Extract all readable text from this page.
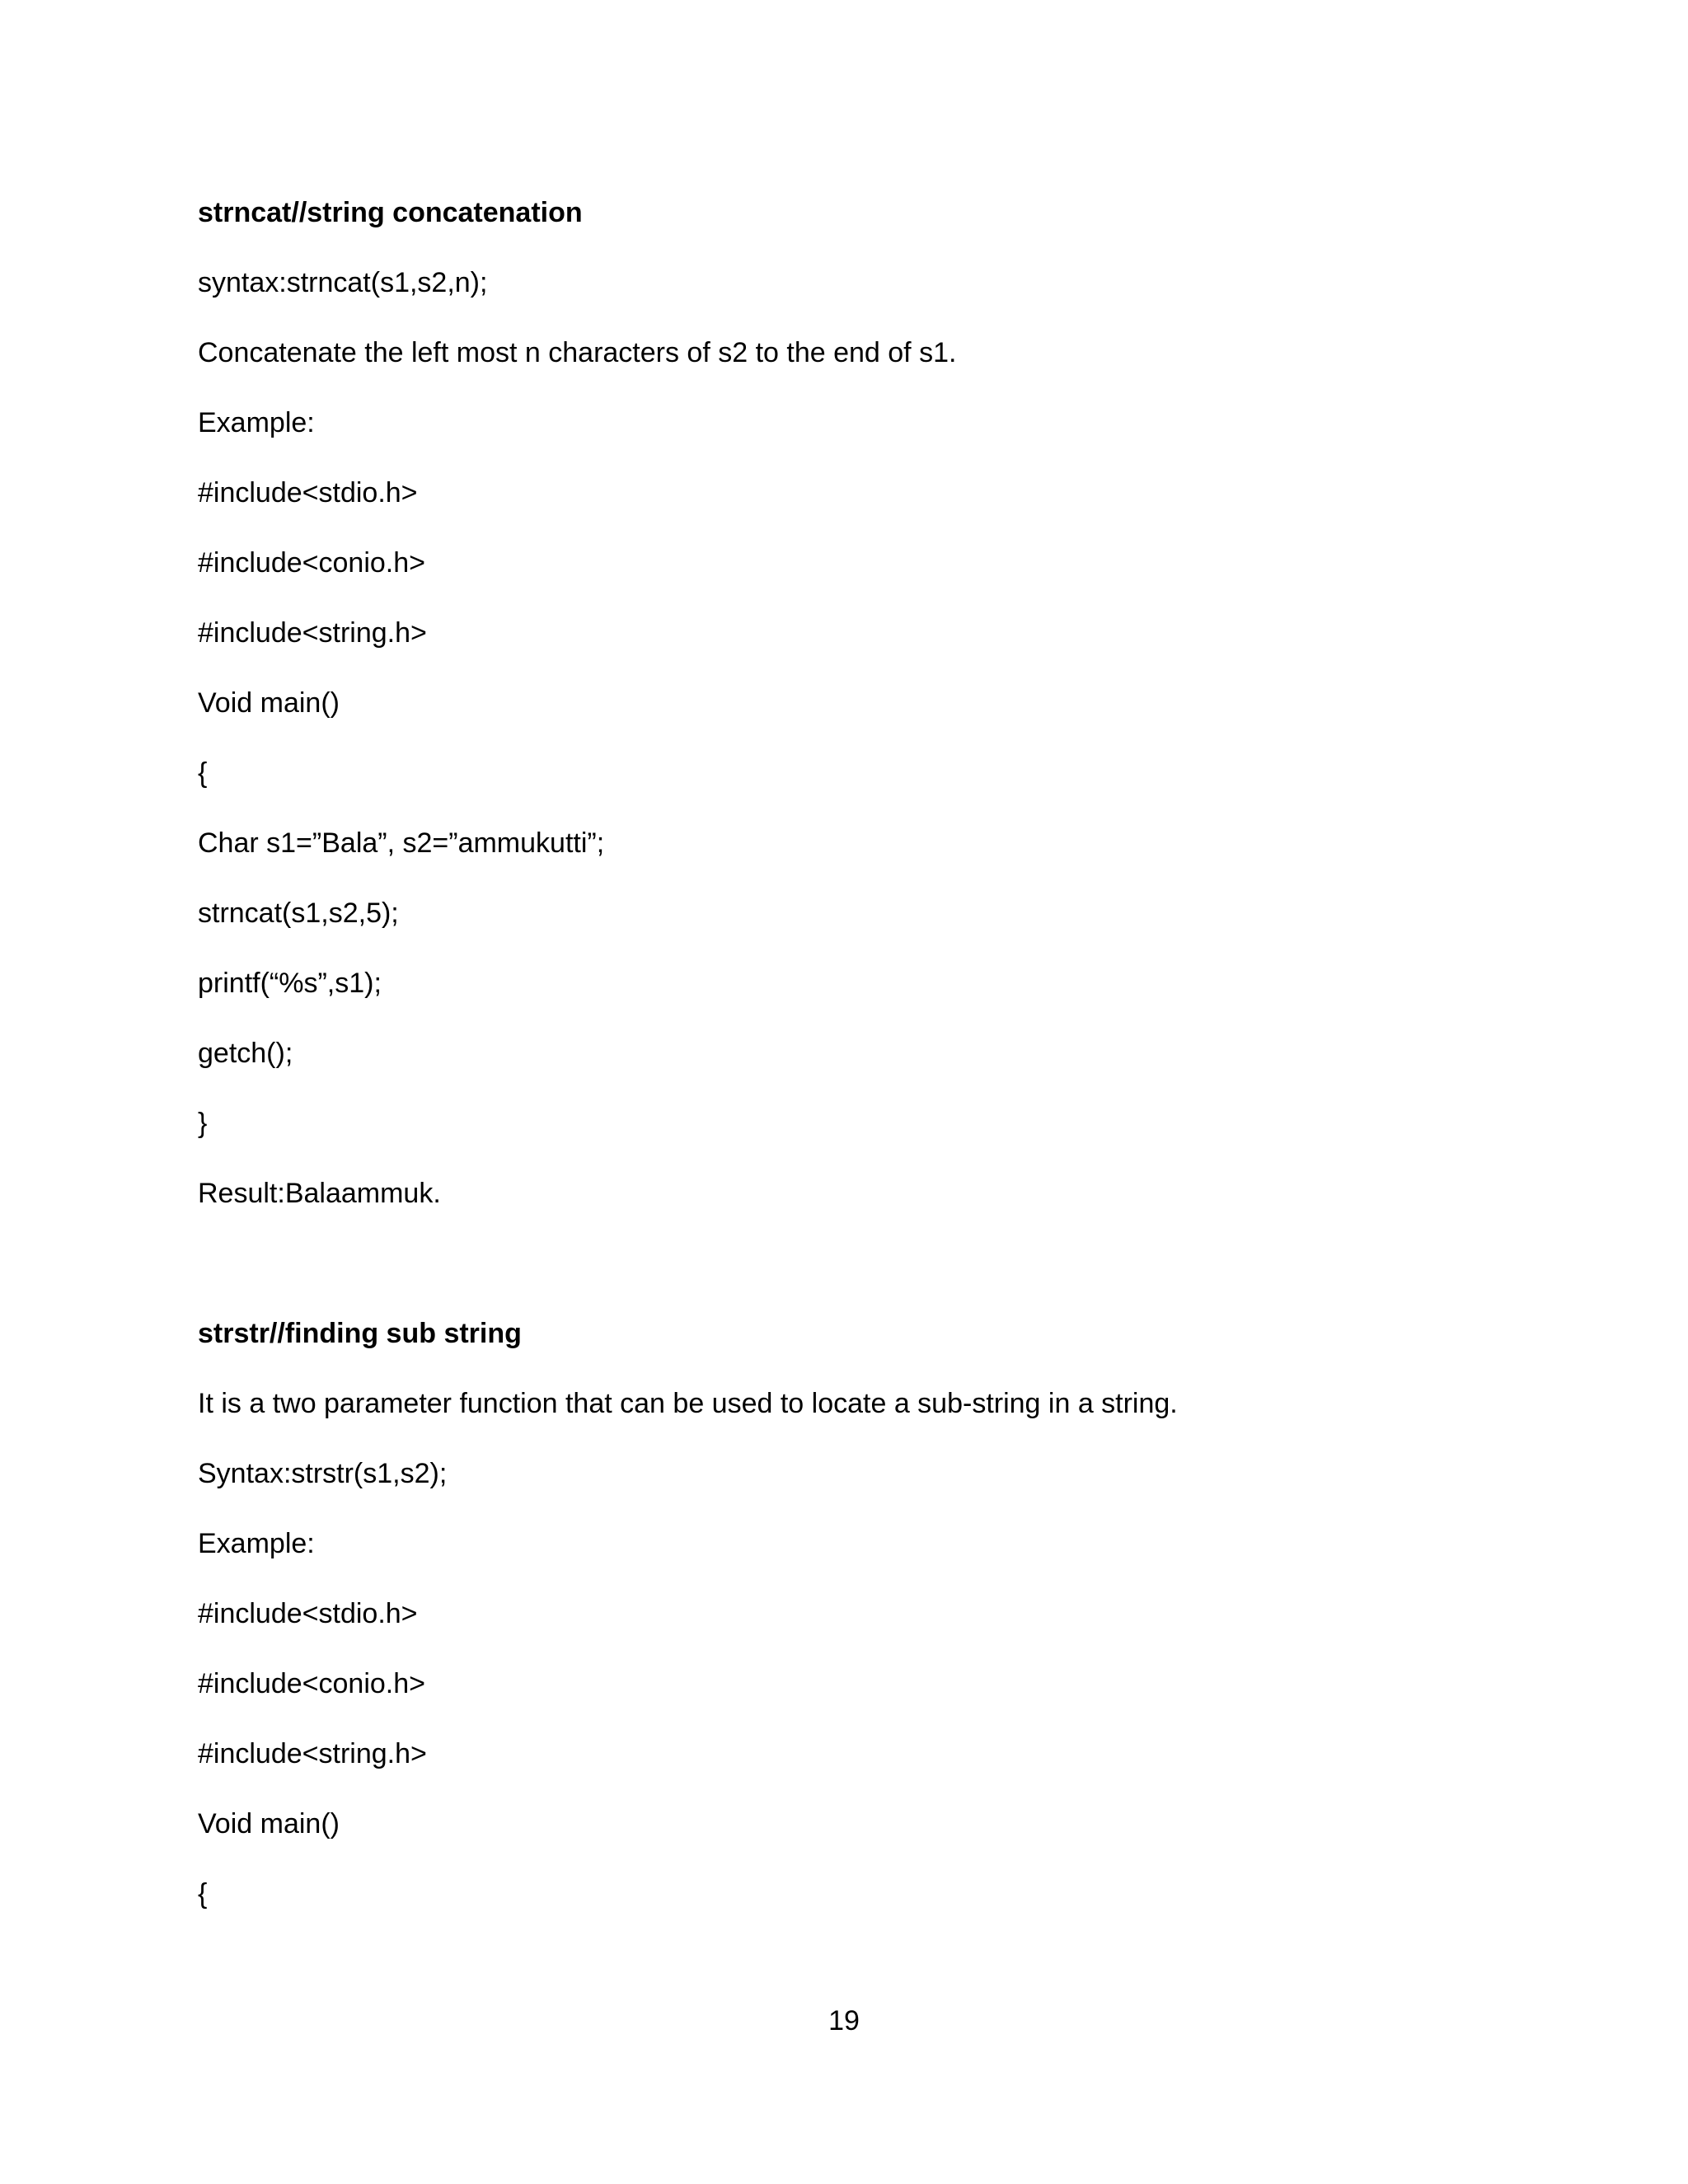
strncat//string concatenation
syntax:strncat(s1,s2,n);
Concatenate the left most n characters of s2 to the end of s1.
Example:
#include<stdio.h>
#include<conio.h>
#include<string.h>
Void main()
{
Char s1=”Bala”, s2=”ammukutti”;
strncat(s1,s2,5);
printf(“%s”,s1);
getch();
}
Result:Balaammuk.
strstr//finding sub string
It is a two parameter function that can be used to locate a sub-string in a string.
Syntax:strstr(s1,s2);
Example:
#include<stdio.h>
#include<conio.h>
#include<string.h>
Void main()
{
19
